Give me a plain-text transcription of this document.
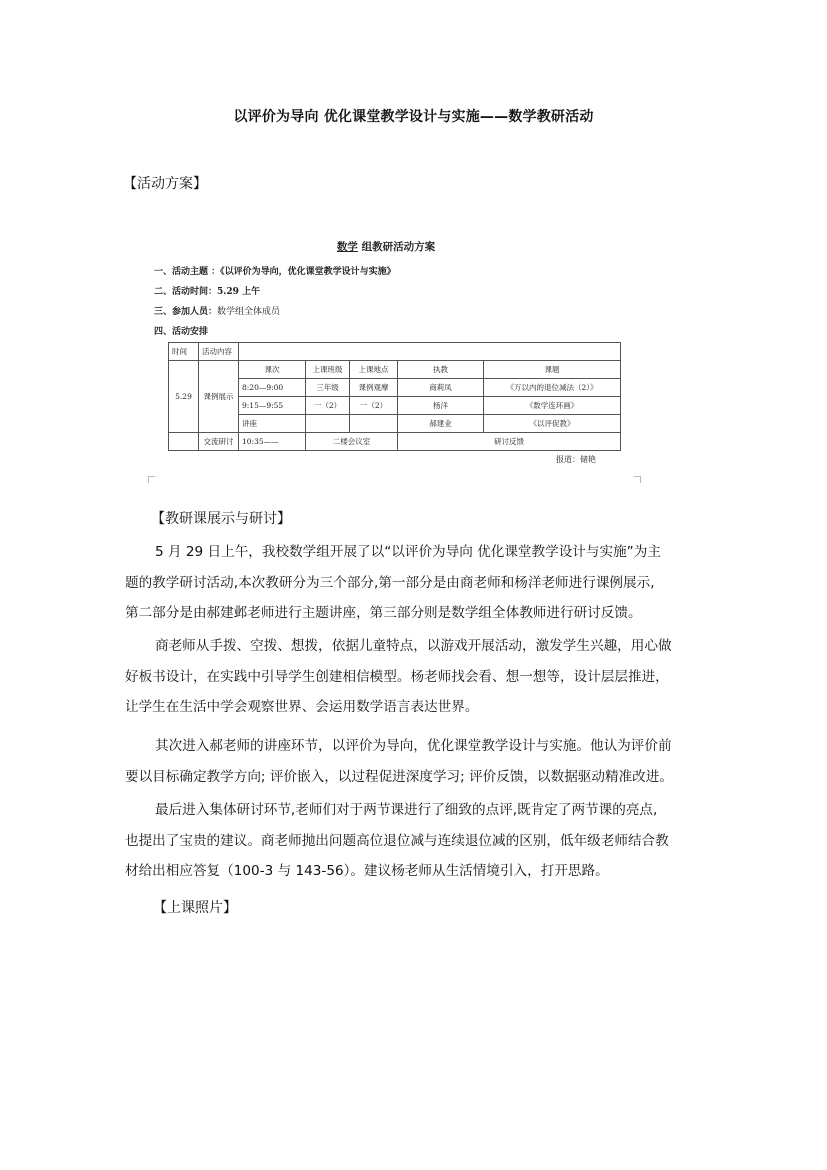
以评价为导向 优化课堂教学设计与实施——数学教研活动
【活动方案】
数学 组教研活动方案
一、活动主题 ：《以评价为导向，优化课堂教学设计与实施》
二、活动时间：5.29 上午
三、参加人员：数学组全体成员
四、活动安排
时间	活动内容					
5.29	课例展示	课次	上课班级	上课地点	执教	课题
		8:20—9:00	三年级	课例观摩	商莉凤	《万以内的退位减法（2）》
		9:15—9:55	一（2）	一（2）	杨洋	《数学连环画》
		讲座			郝建业	《以评促教》
	交流研讨	10:35——	二楼会议室		研讨反馈	
报道：储艳
【教研课展示与研讨】
5 月 29 日上午，我校数学组开展了以“以评价为导向 优化课堂教学设计与实施”为主
题的教学研讨活动,本次教研分为三个部分,第一部分是由商老师和杨洋老师进行课例展示,
第二部分是由郝建邺老师进行主题讲座，第三部分则是数学组全体教师进行研讨反馈。
商老师从手拨、空拨、想拨，依据儿童特点，以游戏开展活动，激发学生兴趣，用心做
好板书设计，在实践中引导学生创建相信模型。杨老师找会看、想一想等，设计层层推进，
让学生在生活中学会观察世界、会运用数学语言表达世界。
其次进入郝老师的讲座环节，以评价为导向，优化课堂教学设计与实施。他认为评价前
要以目标确定教学方向; 评价嵌入，以过程促进深度学习; 评价反馈，以数据驱动精准改进。
最后进入集体研讨环节,老师们对于两节课进行了细致的点评,既肯定了两节课的亮点,
也提出了宝贵的建议。商老师抛出问题高位退位减与连续退位减的区别，低年级老师结合教
材给出相应答复（100-3 与 143-56）。建议杨老师从生活情境引入，打开思路。
【上课照片】
